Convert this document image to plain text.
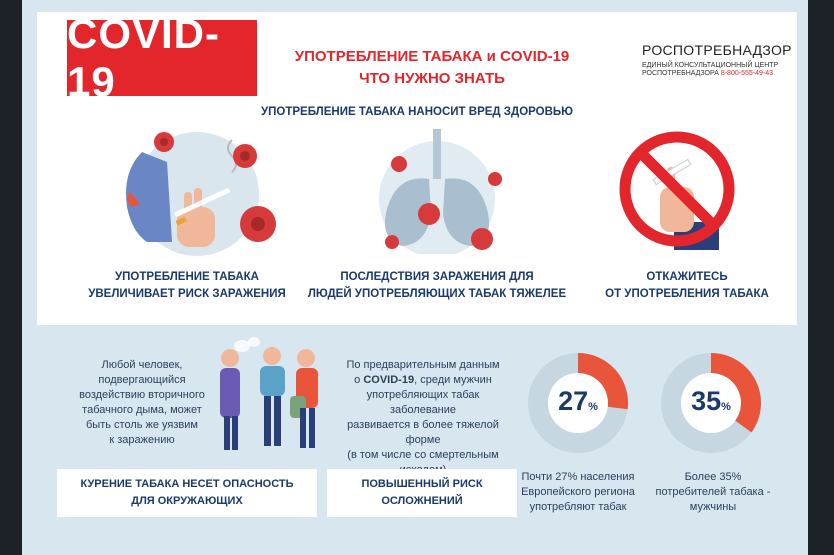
COVID-19
УПОТРЕБЛЕНИЕ ТАБАКА и COVID-19
ЧТО НУЖНО ЗНАТЬ
РОСПОТРЕБНАДЗОР
ЕДИНЫЙ КОНСУЛЬТАЦИОННЫЙ ЦЕНТР
РОСПОТРЕБНАДЗОРА 8-800-555-49-43
УПОТРЕБЛЕНИЕ ТАБАКА НАНОСИТ ВРЕД ЗДОРОВЬЮ
УПОТРЕБЛЕНИЕ ТАБАКА
УВЕЛИЧИВАЕТ РИСК ЗАРАЖЕНИЯ
ПОСЛЕДСТВИЯ ЗАРАЖЕНИЯ ДЛЯ
ЛЮДЕЙ УПОТРЕБЛЯЮЩИХ ТАБАК ТЯЖЕЛЕЕ
ОТКАЖИТЕСЬ
ОТ УПОТРЕБЛЕНИЯ ТАБАКА
Любой человек,
подвергающийся
воздействию вторичного
табачного дыма, может
быть столь же уязвим
к заражению
КУРЕНИЕ ТАБАКА НЕСЕТ ОПАСНОСТЬ
ДЛЯ ОКРУЖАЮЩИХ
По предварительным данным
о COVID-19, среди мужчин
употребляющих табак заболевание
развивается в более тяжелой форме
(в том числе со смертельным
ПОВЫШЕННЫЙ РИСК
ОСЛОЖНЕНИЙ
27%
Почти 27% населения
Европейского региона
употребляют табак
35%
Более 35%
потребителей табака -
мужчины
